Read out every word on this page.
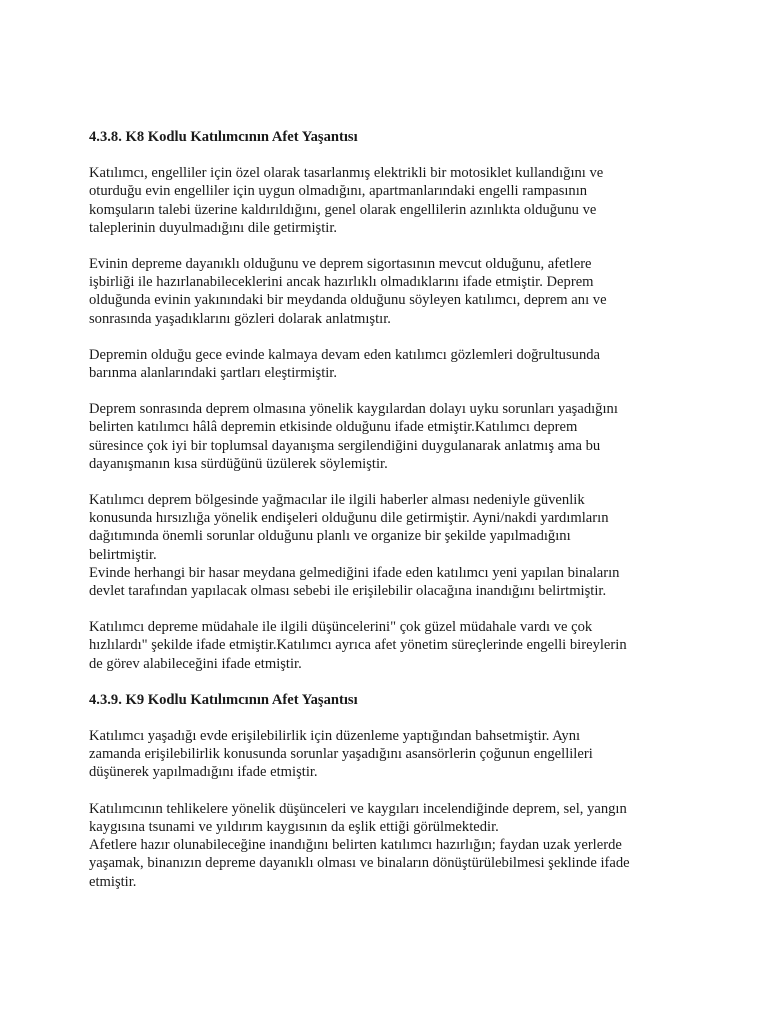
4.3.8. K8 Kodlu Katılımcının Afet Yaşantısı

Katılımcı, engelliler için özel olarak tasarlanmış elektrikli bir motosiklet kullandığını ve
oturduğu evin engelliler için uygun olmadığını, apartmanlarındaki engelli rampasının
komşuların talebi üzerine kaldırıldığını, genel olarak engellilerin azınlıkta olduğunu ve
taleplerinin duyulmadığını dile getirmiştir.

Evinin depreme dayanıklı olduğunu ve deprem sigortasının mevcut olduğunu, afetlere
işbirliği ile hazırlanabileceklerini ancak hazırlıklı olmadıklarını ifade etmiştir. Deprem
olduğunda evinin yakınındaki bir meydanda olduğunu söyleyen katılımcı, deprem anı ve
sonrasında yaşadıklarını gözleri dolarak anlatmıştır.

Depremin olduğu gece evinde kalmaya devam eden katılımcı gözlemleri doğrultusunda
barınma alanlarındaki şartları eleştirmiştir.

Deprem sonrasında deprem olmasına yönelik kaygılardan dolayı uyku sorunları yaşadığını
belirten katılımcı hâlâ depremin etkisinde olduğunu ifade etmiştir.Katılımcı deprem
süresince çok iyi bir toplumsal dayanışma sergilendiğini duygulanarak anlatmış ama bu
dayanışmanın kısa sürdüğünü üzülerek söylemiştir.

Katılımcı deprem bölgesinde yağmacılar ile ilgili haberler alması nedeniyle güvenlik
konusunda hırsızlığa yönelik endişeleri olduğunu dile getirmiştir. Ayni/nakdi yardımların
dağıtımında önemli sorunlar olduğunu planlı ve organize bir şekilde yapılmadığını
belirtmiştir.
Evinde herhangi bir hasar meydana gelmediğini ifade eden katılımcı yeni yapılan binaların
devlet tarafından yapılacak olması sebebi ile erişilebilir olacağına inandığını belirtmiştir.

Katılımcı depreme müdahale ile ilgili düşüncelerini" çok güzel müdahale vardı ve çok
hızlılardı" şekilde ifade etmiştir.Katılımcı ayrıca afet yönetim süreçlerinde engelli bireylerin
de görev alabileceğini ifade etmiştir.

4.3.9. K9 Kodlu Katılımcının Afet Yaşantısı

Katılımcı yaşadığı evde erişilebilirlik için düzenleme yaptığından bahsetmiştir. Aynı
zamanda erişilebilirlik konusunda sorunlar yaşadığını asansörlerin çoğunun engellileri
düşünerek yapılmadığını ifade etmiştir.

Katılımcının tehlikelere yönelik düşünceleri ve kaygıları incelendiğinde deprem, sel, yangın
kaygısına tsunami ve yıldırım kaygısının da eşlik ettiği görülmektedir.
Afetlere hazır olunabileceğine inandığını belirten katılımcı hazırlığın; faydan uzak yerlerde
yaşamak, binanızın depreme dayanıklı olması ve binaların dönüştürülebilmesi şeklinde ifade
etmiştir.
